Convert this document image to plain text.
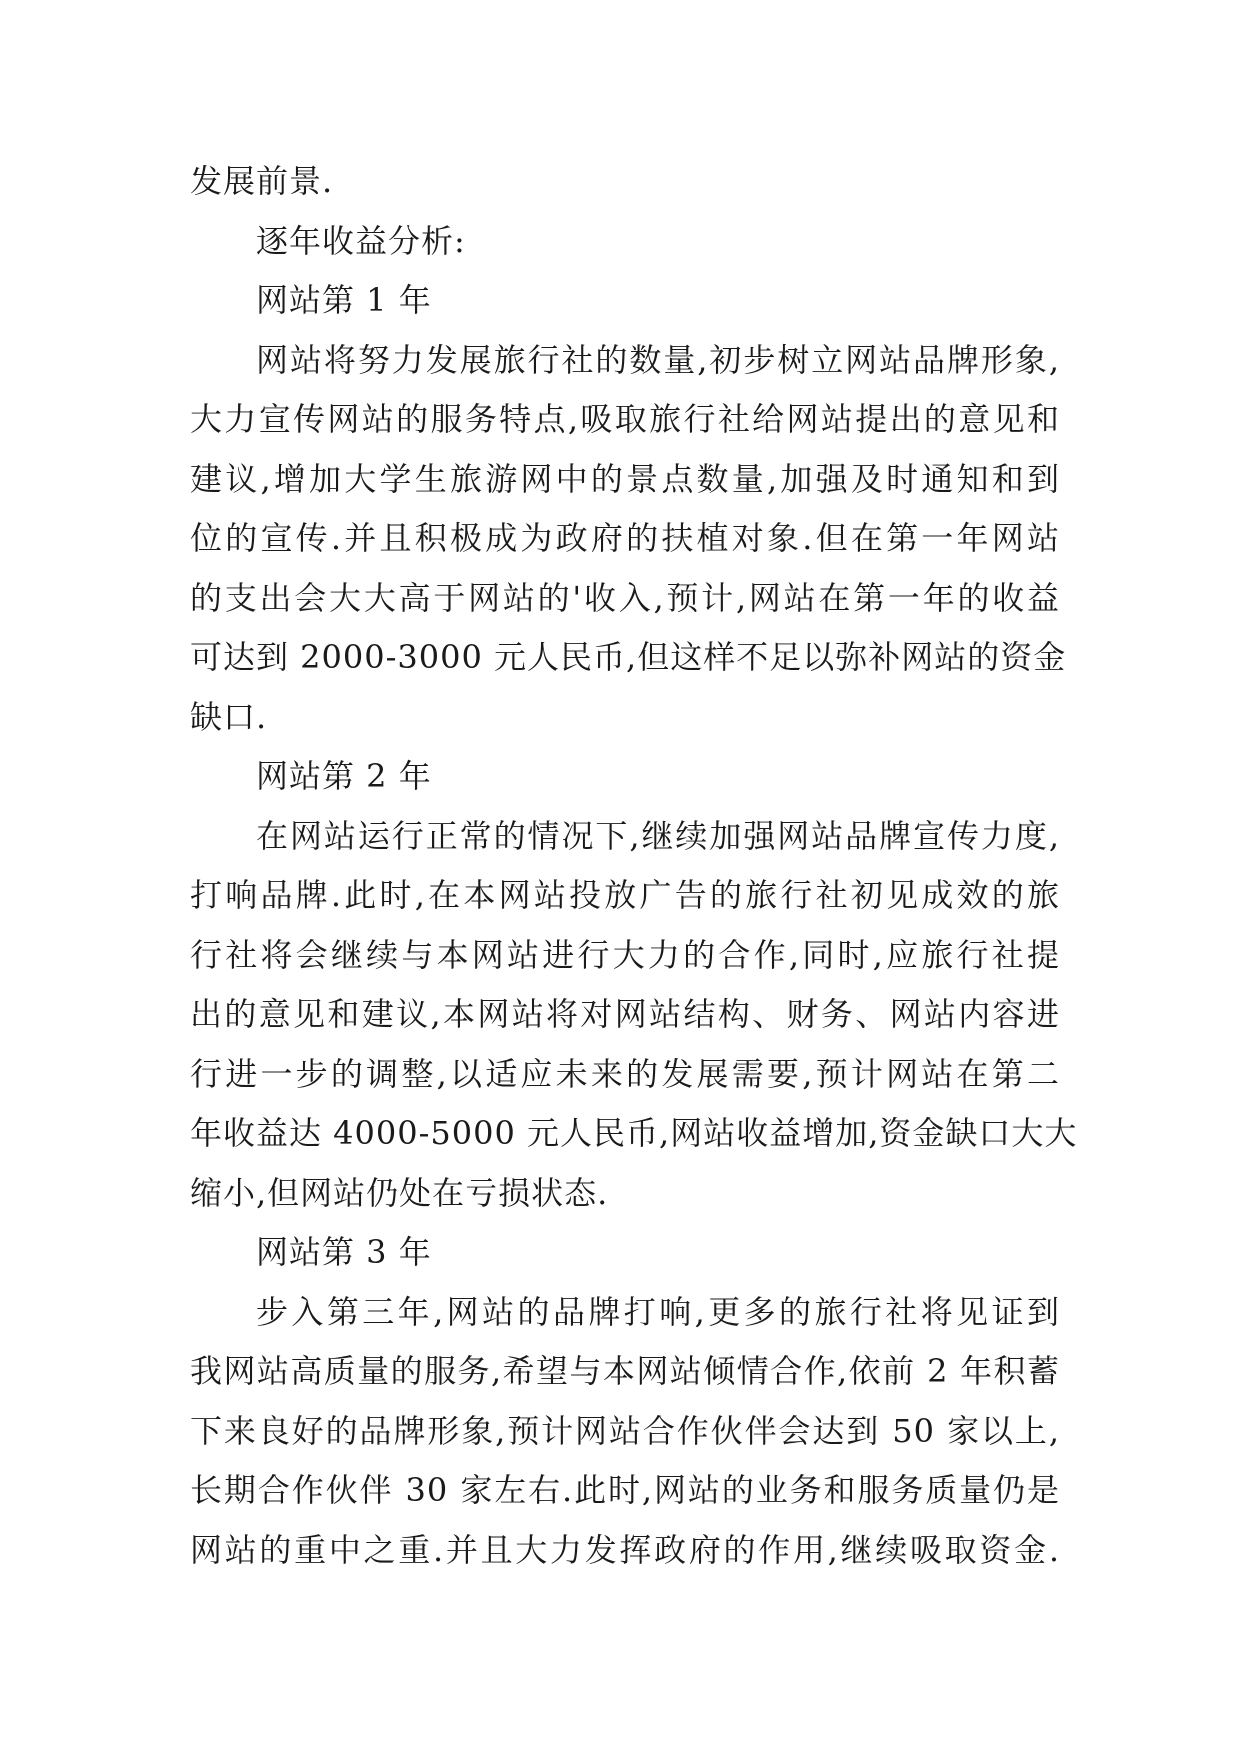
发展前景.
逐年收益分析:
网站第 1 年
网站将努力发展旅行社的数量,初步树立网站品牌形象,
大力宣传网站的服务特点,吸取旅行社给网站提出的意见和
建议,增加大学生旅游网中的景点数量,加强及时通知和到
位的宣传.并且积极成为政府的扶植对象.但在第一年网站
的支出会大大高于网站的'收入,预计,网站在第一年的收益
可达到 2000-3000 元人民币,但这样不足以弥补网站的资金
缺口.
网站第 2 年
在网站运行正常的情况下,继续加强网站品牌宣传力度,
打响品牌.此时,在本网站投放广告的旅行社初见成效的旅
行社将会继续与本网站进行大力的合作,同时,应旅行社提
出的意见和建议,本网站将对网站结构、财务、网站内容进
行进一步的调整,以适应未来的发展需要,预计网站在第二
年收益达 4000-5000 元人民币,网站收益增加,资金缺口大大
缩小,但网站仍处在亏损状态.
网站第 3 年
步入第三年,网站的品牌打响,更多的旅行社将见证到
我网站高质量的服务,希望与本网站倾情合作,依前 2 年积蓄
下来良好的品牌形象,预计网站合作伙伴会达到 50 家以上,
长期合作伙伴 30 家左右.此时,网站的业务和服务质量仍是
网站的重中之重.并且大力发挥政府的作用,继续吸取资金.
